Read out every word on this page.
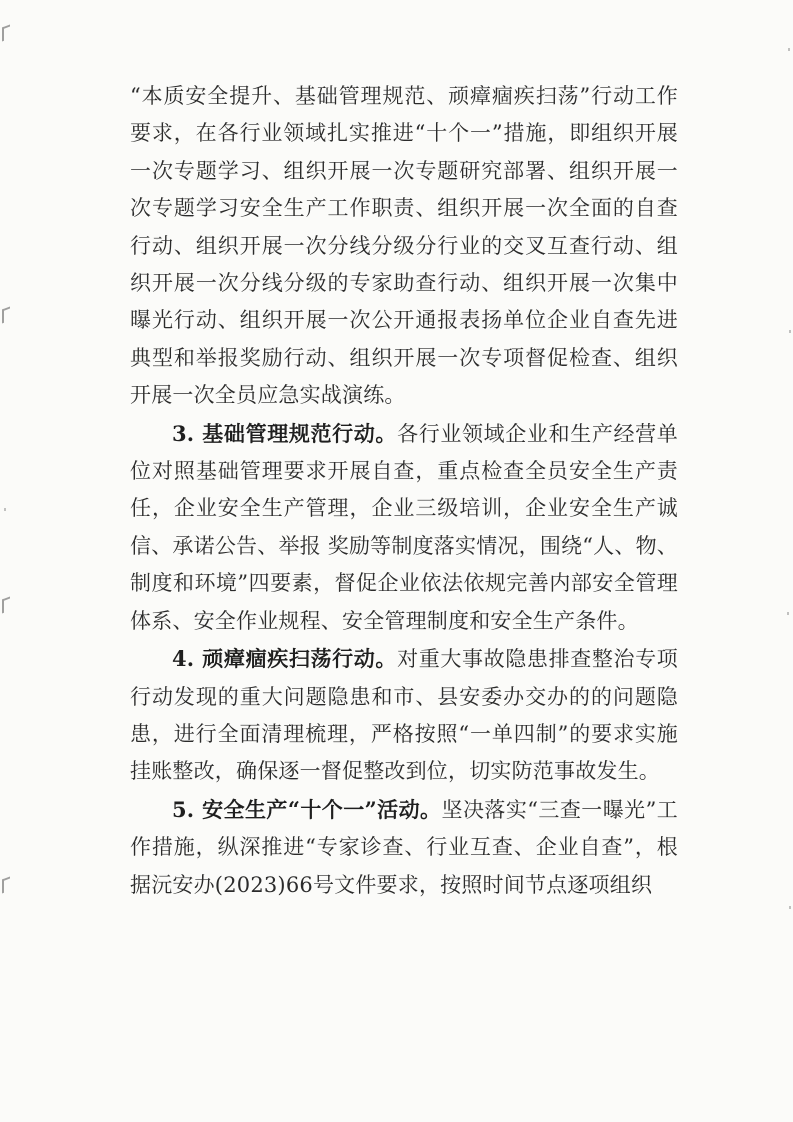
“本质安全提升、基础管理规范、顽瘴痼疾扫荡”行动工作要求，在各行业领域扎实推进“十个一”措施，即组织开展一次专题学习、组织开展一次专题研究部署、组织开展一次专题学习安全生产工作职责、组织开展一次全面的自查行动、组织开展一次分线分级分行业的交叉互查行动、组织开展一次分线分级的专家助查行动、组织开展一次集中曝光行动、组织开展一次公开通报表扬单位企业自查先进典型和举报奖励行动、组织开展一次专项督促检查、组织开展一次全员应急实战演练。

3. 基础管理规范行动。各行业领域企业和生产经营单位对照基础管理要求开展自查，重点检查全员安全生产责任，企业安全生产管理，企业三级培训，企业安全生产诚信、承诺公告、举报 奖励等制度落实情况，围绕“人、物、制度和环境”四要素，督促企业依法依规完善内部安全管理体系、安全作业规程、安全管理制度和安全生产条件。

4. 顽瘴痼疾扫荡行动。对重大事故隐患排查整治专项行动发现的重大问题隐患和市、县安委办交办的的问题隐患，进行全面清理梳理，严格按照“一单四制”的要求实施挂账整改，确保逐一督促整改到位，切实防范事故发生。

5. 安全生产“十个一”活动。坚决落实“三查一曝光”工作措施，纵深推进“专家诊查、行业互查、企业自查”，根据沅安办(2023)66号文件要求，按照时间节点逐项组织
